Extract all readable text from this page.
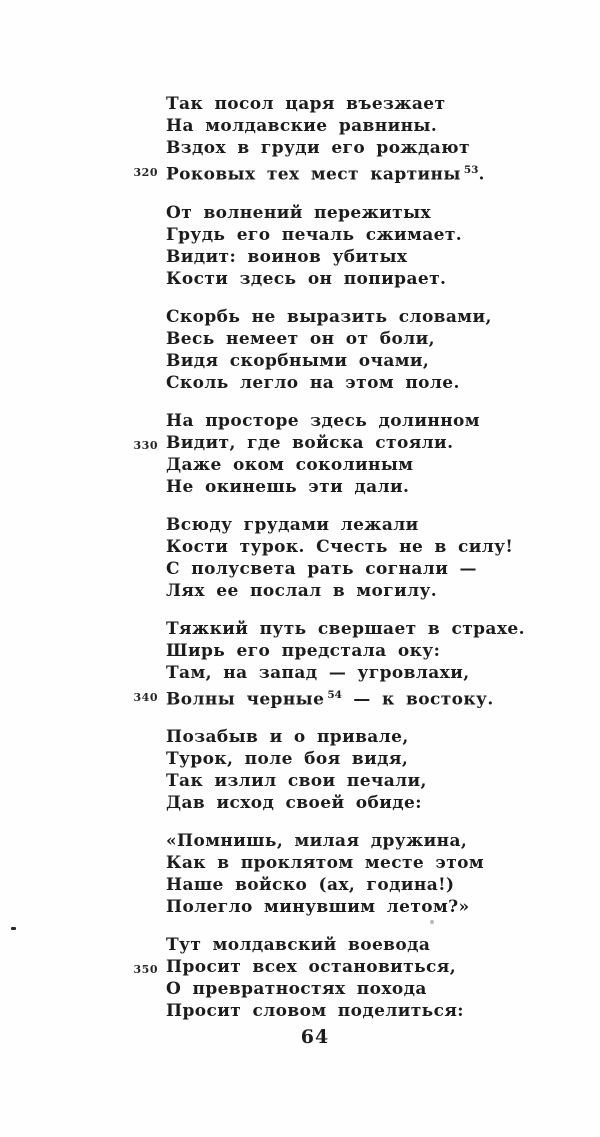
Так посол царя въезжает
На молдавские равнины.
Вздох в груди его рождают
320 Роковых тех мест картины $^{53}$.
От волнений пережитых
Грудь его печаль сжимает.
Видит: воинов убитых
Кости здесь он попирает.
Скорбь не выразить словами,
Весь немеет он от боли,
Видя скорбными очами,
Сколь легло на этом поле.
На просторе здесь долинном
330 Видит, где войска стояли.
Даже оком соколиным
Не окинешь эти дали.
Всюду грудами лежали
Кости турок. Счесть не в силу!
С полусвета рать согнали —
Лях ее послал в могилу.
Тяжкий путь свершает в страхе.
Ширь его предстала оку:
Там, на запад — угровлахи,
340 Волны черные $^{54}$ — к востоку.
Позабыв и о привале,
Турок, поле боя видя,
Так излил свои печали,
Дав исход своей обиде:
«Помнишь, милая дружина,
Как в проклятом месте этом
Наше войско (ах, година!)
Полегло минувшим летом?»
Тут молдавский воевода
350 Просит всех остановиться,
О превратностях похода
Просит словом поделиться:
64
